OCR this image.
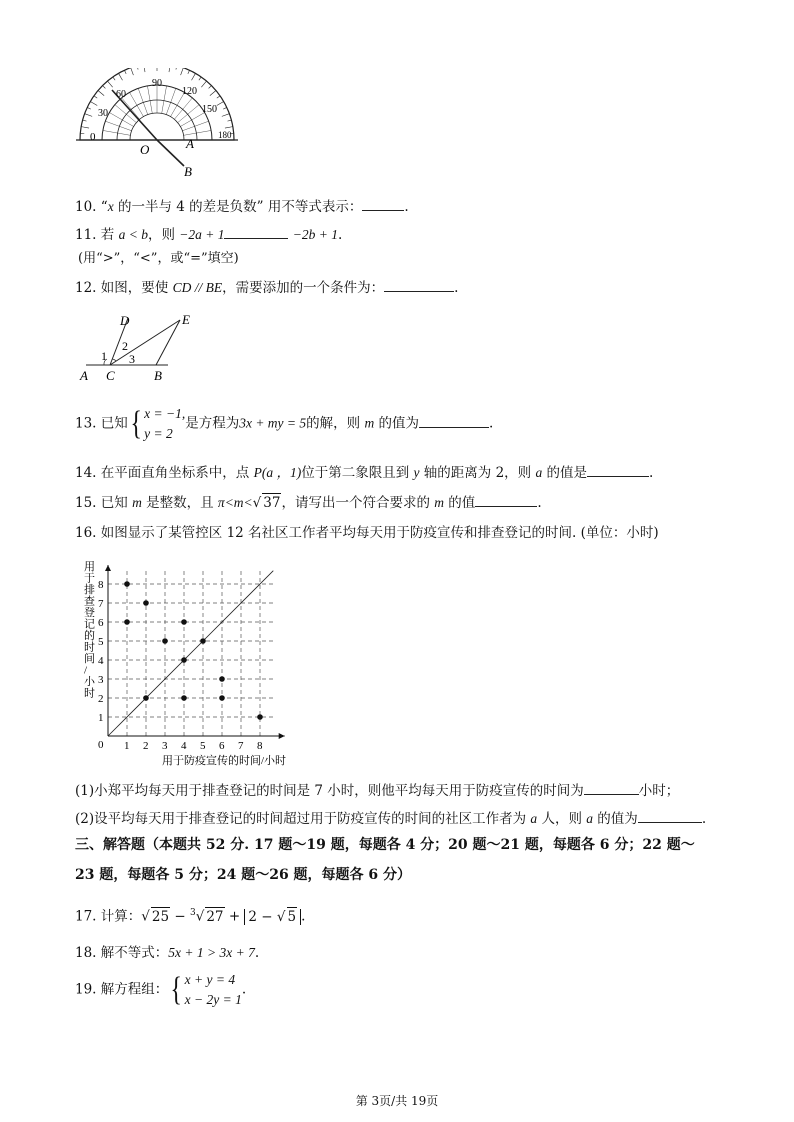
60
90
120
150
180
30
0
O	A
B
10. “x 的一半与 4 的差是负数” 用不等式表示：	.
11. 若 a < b，则 −2a + 1	−2b + 1.
(用“>”，“<”，或“=”填空)
12. 如图，要使 CD // BE，需要添加的一个条件为：	.
D	E
A C	B
1
2
3
13. 已知{ x = −1,
y = 2是方程为3x + my = 5的解，则 m 的值为	.
14. 在平面直角坐标系中，点 P(a ，1)位于第二象限且到 y 轴的距离为 2，则 a 的值是	.
15. 已知 m 是整数，且 π<m<√ 37，请写出一个符合要求的 m 的值	.
16. 如图显示了某管控区 12 名社区工作者平均每天用于防疫宣传和排查登记的时间. (单位：小时)
1 2 3 4 5 6 7 8
1
2
3
4
5
6
7
8
用于排查登记的时间/小时
用于防疫宣传的时间/小时
0
(1)小郑平均每天用于排查登记的时间是 7 小时，则他平均每天用于防疫宣传的时间为	小时；
(2)设平均每天用于排查登记的时间超过用于防疫宣传的时间的社区工作者为 a 人，则 a 的值为	.
三、解答题（本题共 52 分. 17 题～19 题，每题各 4 分；20 题～21 题，每题各 6 分；22 题～
23 题，每题各 5 分；24 题～26 题，每题各 6 分）
17. 计算：√ 25 − $^3$√ 27 + 2 − √ 5 .
18. 解不等式：5x + 1 > 3x + 7.
19. 解方程组：{ x + y = 4
x − 2y = 1.
第 3页/共 19页
